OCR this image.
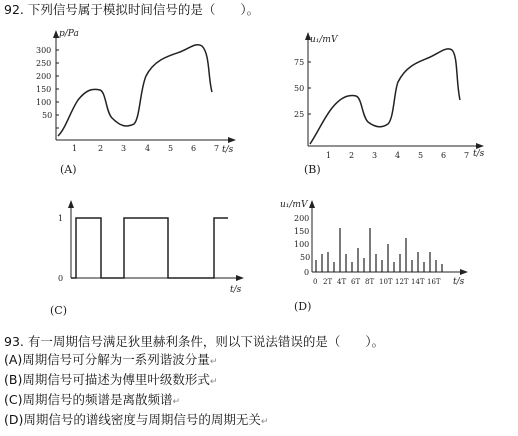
92. 下列信号属于模拟时间信号的是（　　）。
p/Pa
t/s
300
250
200
150
100
50
1	2 3 4 5 6 7
(A)
u₁/mV
t/s
75
50
25
1 2 3 4 5 6 7
(B)
1
0
t/s
(C)
u₁/mV
t/s
200
150
100
50
0
0 2T 4T 6T 8T 10T 12T 14T 16T
(D)
93. 有一周期信号满足狄里赫利条件，则以下说法错误的是（　　）。
(A)周期信号可分解为一系列谐波分量↵
(B)周期信号可描述为傅里叶级数形式↵
(C)周期信号的频谱是离散频谱↵
(D)周期信号的谱线密度与周期信号的周期无关↵
